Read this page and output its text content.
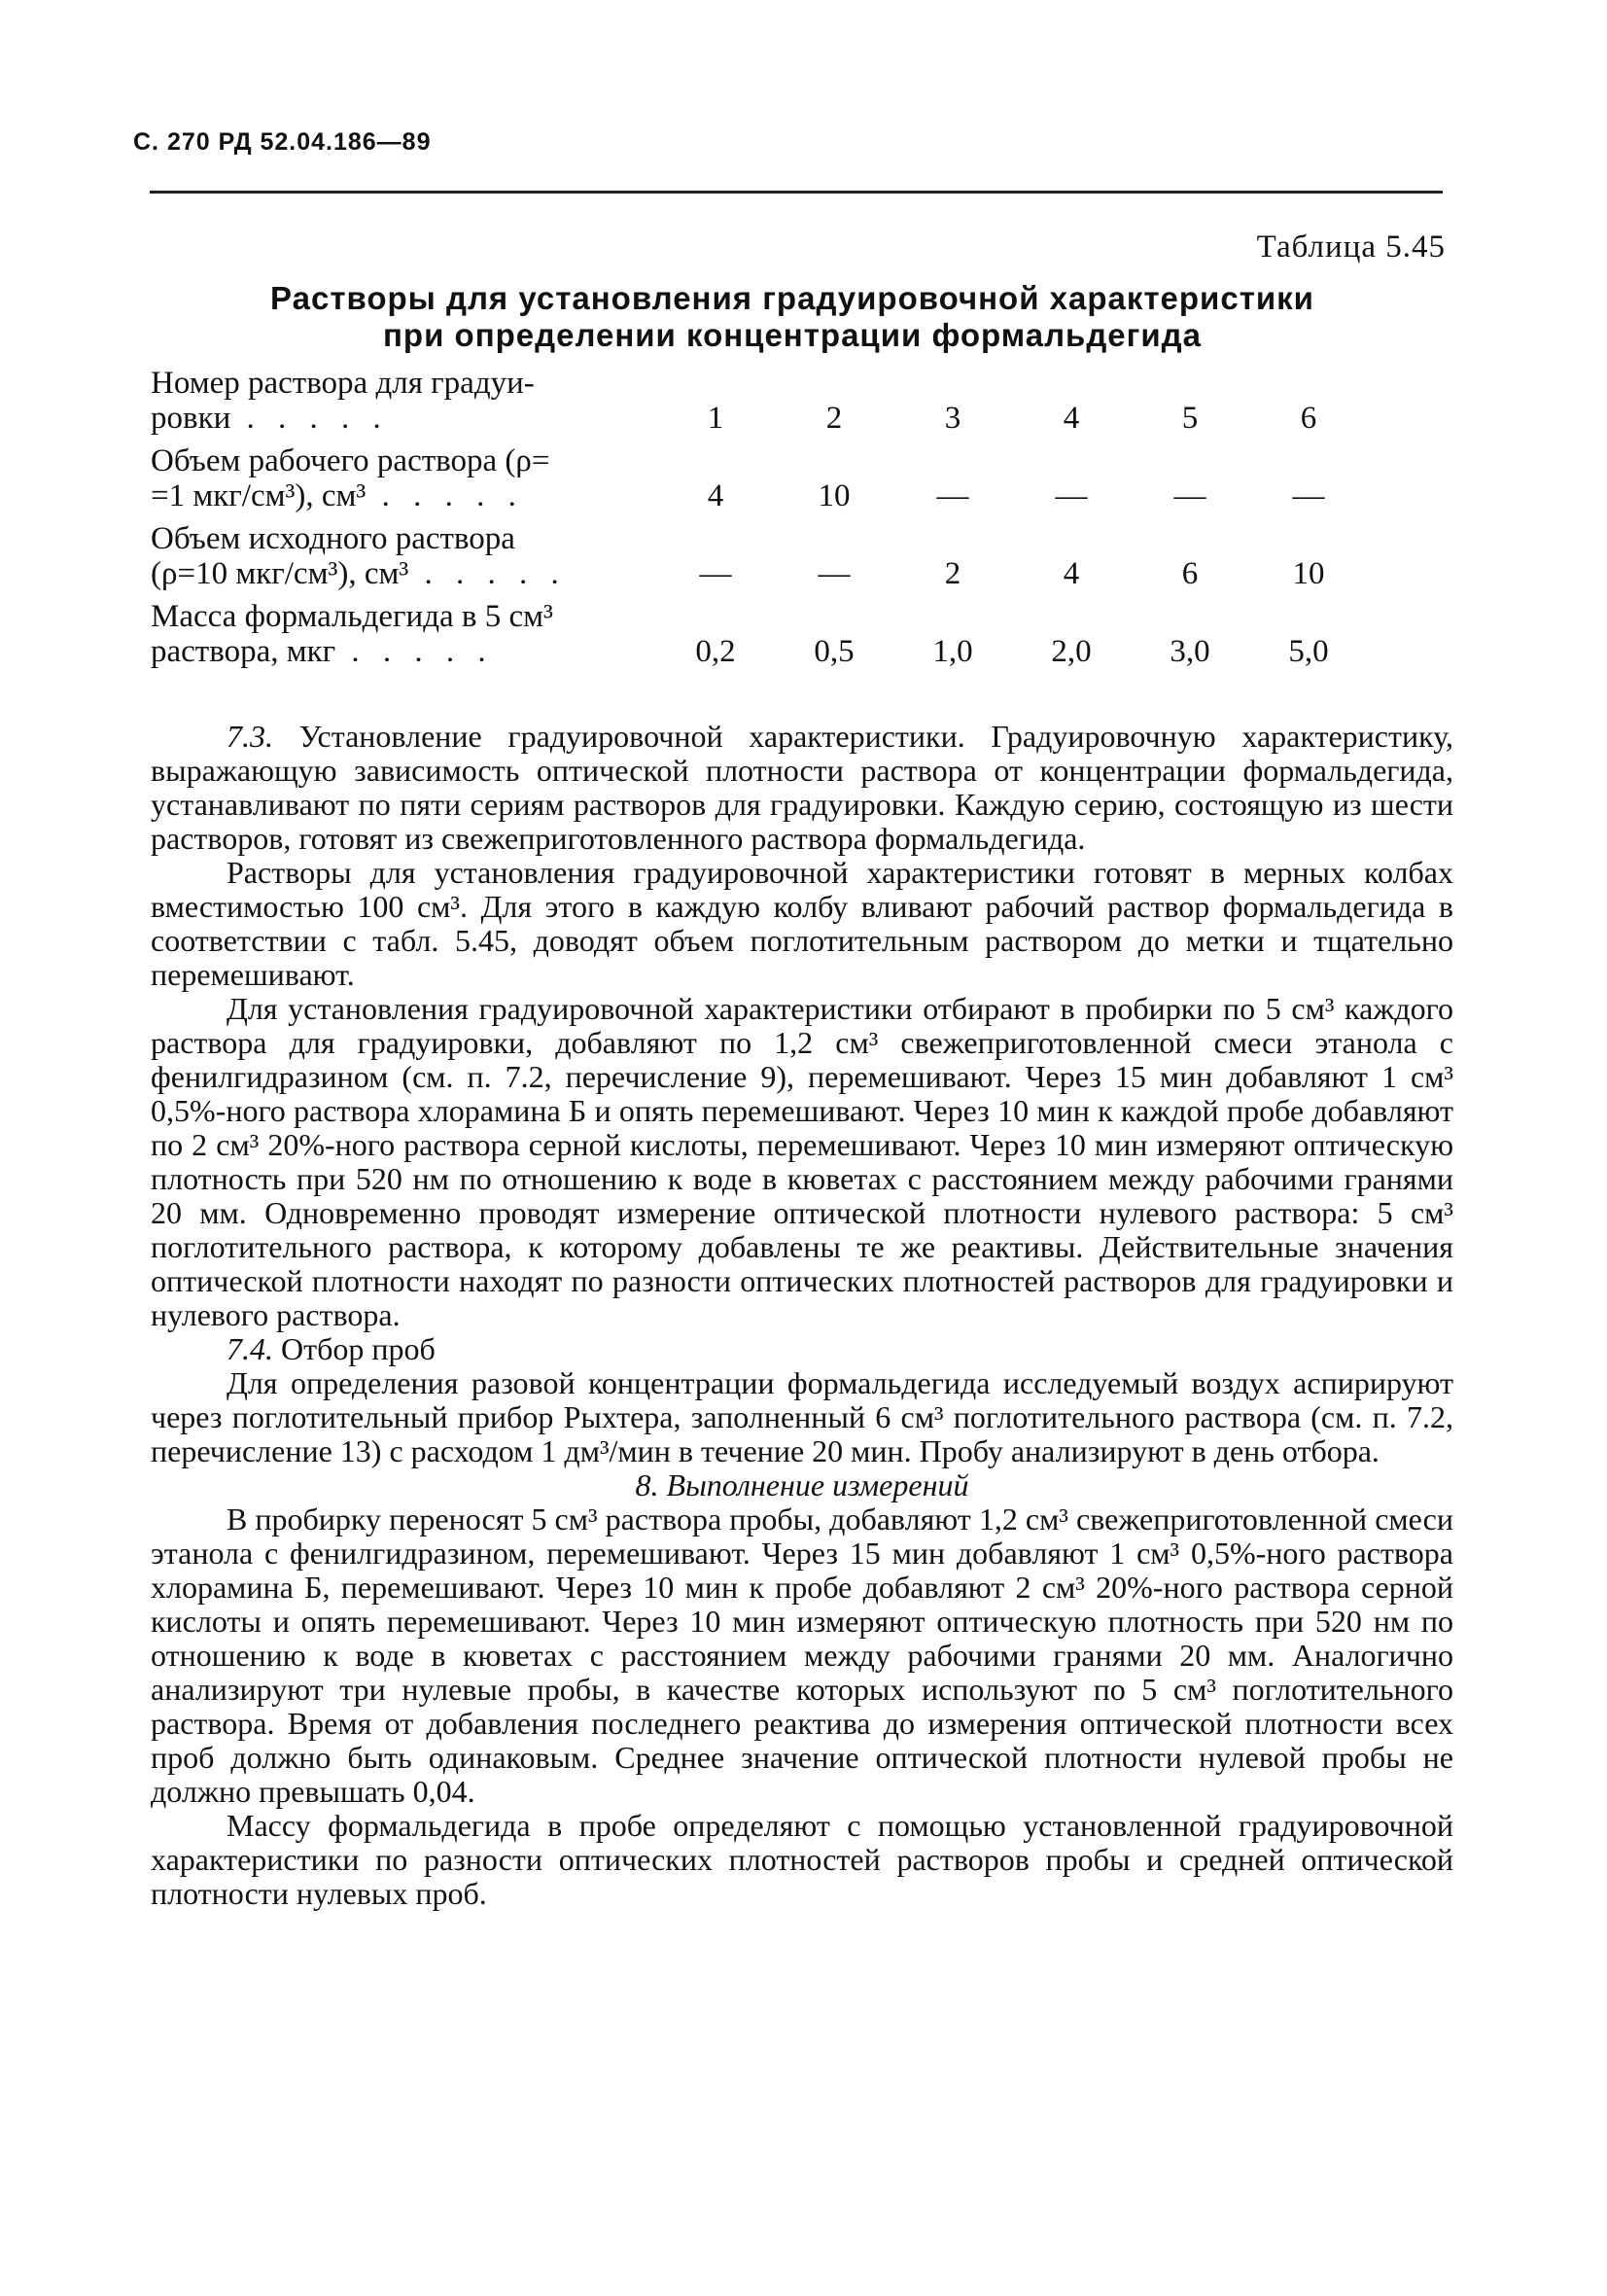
С. 270 РД 52.04.186—89
Таблица 5.45
Растворы для установления градуировочной характеристики
при определении концентрации формальдегида
Номер раствора для градуи-
ровки . . . . .	1	2	3	4	5	6

Объем рабочего раствора (ρ=
=1 мкг/см³), см³ . . . . .	4	10	—	—	—	—

Объем исходного раствора
(ρ=10 мкг/см³), см³ . . . . .	—	—	2	4	6	10

Масса формальдегида в 5 см³
раствора, мкг . . . . .	0,2	0,5	1,0	2,0	3,0	5,0

7.3. Установление градуировочной характеристики. Градуировочную характеристику, выражающую зависимость оптической плотности раствора от концентрации формальдегида, устанавливают по пяти сериям растворов для градуировки. Каждую серию, состоящую из шести растворов, готовят из свежеприготовленного раствора формальдегида.

Растворы для установления градуировочной характеристики готовят в мерных колбах вместимостью 100 см³. Для этого в каждую колбу вливают рабочий раствор формальдегида в соответствии с табл. 5.45, доводят объем поглотительным раствором до метки и тщательно перемешивают.

Для установления градуировочной характеристики отбирают в пробирки по 5 см³ каждого раствора для градуировки, добавляют по 1,2 см³ свежеприготовленной смеси этанола с фенилгидразином (см. п. 7.2, перечисление 9), перемешивают. Через 15 мин добавляют 1 см³ 0,5%-ного раствора хлорамина Б и опять перемешивают. Через 10 мин к каждой пробе добавляют по 2 см³ 20%-ного раствора серной кислоты, перемешивают. Через 10 мин измеряют оптическую плотность при 520 нм по отношению к воде в кюветах с расстоянием между рабочими гранями 20 мм. Одновременно проводят измерение оптической плотности нулевого раствора: 5 см³ поглотительного раствора, к которому добавлены те же реактивы. Действительные значения оптической плотности находят по разности оптических плотностей растворов для градуировки и нулевого раствора.

7.4. Отбор проб

Для определения разовой концентрации формальдегида исследуемый воздух аспирируют через поглотительный прибор Рыхтера, заполненный 6 см³ поглотительного раствора (см. п. 7.2, перечисление 13) с расходом 1 дм³/мин в течение 20 мин. Пробу анализируют в день отбора.

8. Выполнение измерений

В пробирку переносят 5 см³ раствора пробы, добавляют 1,2 см³ свежеприготовленной смеси этанола с фенилгидразином, перемешивают. Через 15 мин добавляют 1 см³ 0,5%-ного раствора хлорамина Б, перемешивают. Через 10 мин к пробе добавляют 2 см³ 20%-ного раствора серной кислоты и опять перемешивают. Через 10 мин измеряют оптическую плотность при 520 нм по отношению к воде в кюветах с расстоянием между рабочими гранями 20 мм. Аналогично анализируют три нулевые пробы, в качестве которых используют по 5 см³ поглотительного раствора. Время от добавления последнего реактива до измерения оптической плотности всех проб должно быть одинаковым. Среднее значение оптической плотности нулевой пробы не должно превышать 0,04.

Массу формальдегида в пробе определяют с помощью установленной градуировочной характеристики по разности оптических плотностей растворов пробы и средней оптической плотности нулевых проб.
